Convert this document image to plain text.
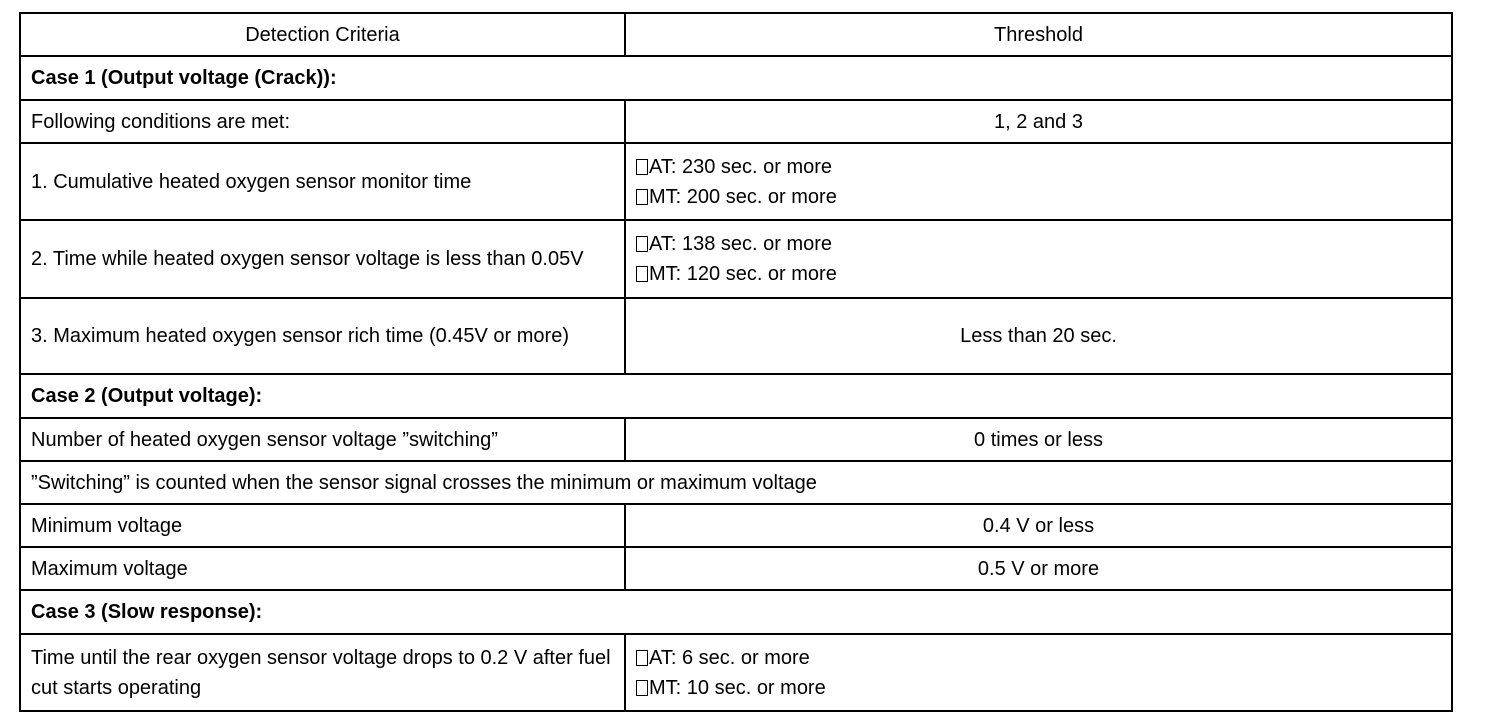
Detection Criteria	Threshold
Case 1 (Output voltage (Crack)):	
Following conditions are met:	1, 2 and 3
1. Cumulative heated oxygen sensor monitor time	AT: 230 sec. or more
MT: 200 sec. or more

2. Time while heated oxygen sensor voltage is less than 0.05V	AT: 138 sec. or more
MT: 120 sec. or more

3. Maximum heated oxygen sensor rich time (0.45V or more)	Less than 20 sec.
Case 2 (Output voltage):	
Number of heated oxygen sensor voltage ”switching”	0 times or less
”Switching” is counted when the sensor signal crosses the minimum or maximum voltage	
Minimum voltage	0.4 V or less
Maximum voltage	0.5 V or more
Case 3 (Slow response):	
Time until the rear oxygen sensor voltage drops to 0.2 V after fuel cut starts operating	AT: 6 sec. or more
MT: 10 sec. or more
